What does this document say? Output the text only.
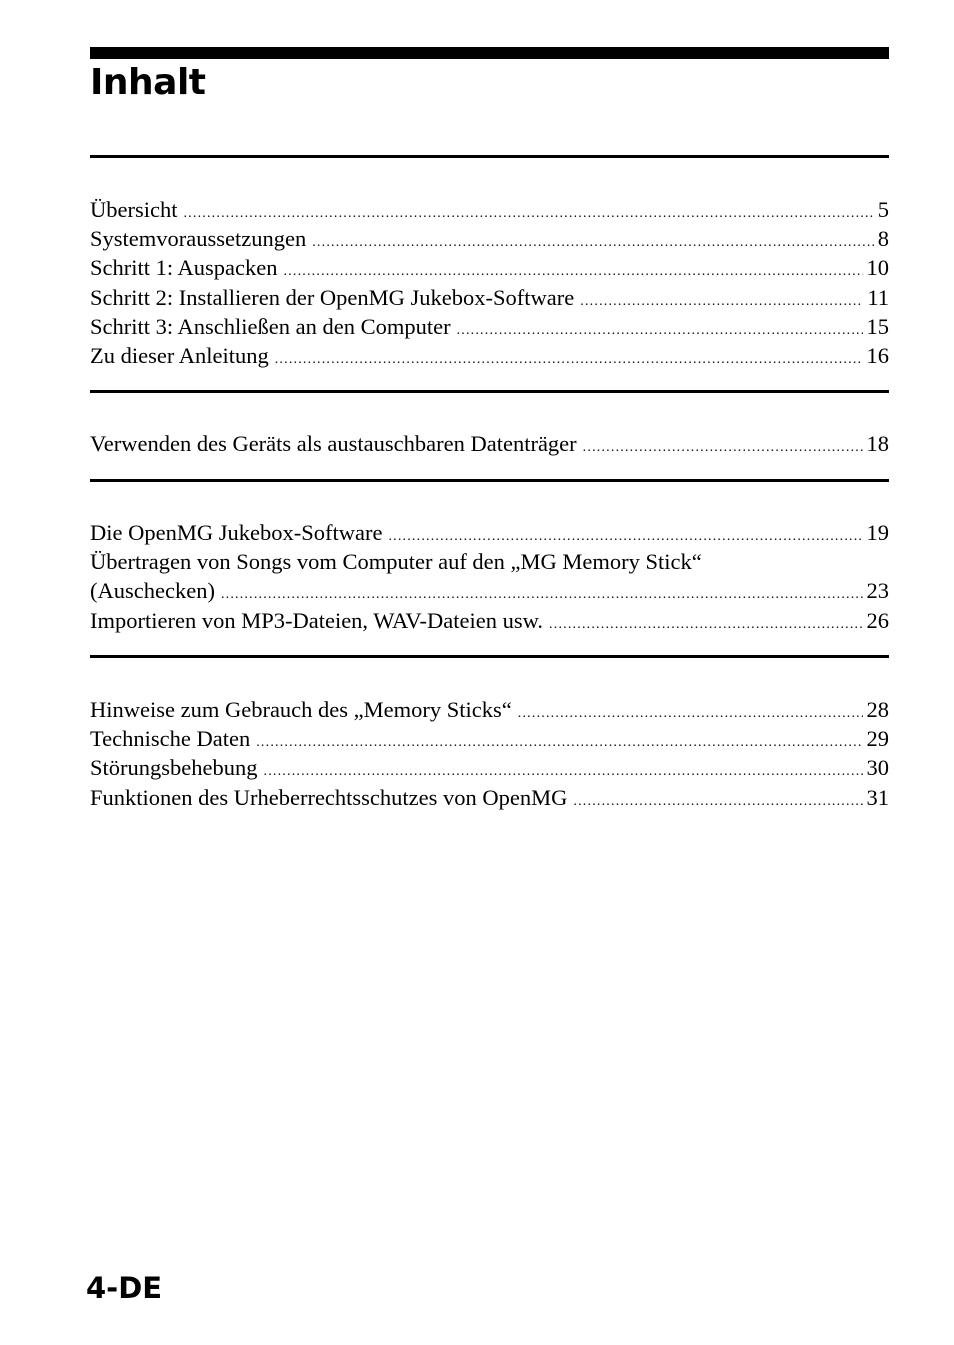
Inhalt
Übersicht .....	5
Systemvoraussetzungen .....	8
Schritt 1: Auspacken .....	10
Schritt 2: Installieren der OpenMG Jukebox-Software .....	11
Schritt 3: Anschließen an den Computer .....	15
Zu dieser Anleitung .....	16
Verwenden des Geräts als austauschbaren Datenträger .....	18
Die OpenMG Jukebox-Software .....	19
Übertragen von Songs vom Computer auf den „MG Memory Stick“
(Auschecken) .....	23
Importieren von MP3-Dateien, WAV-Dateien usw. .....	26
Hinweise zum Gebrauch des „Memory Sticks“ .....	28
Technische Daten .....	29
Störungsbehebung .....	30
Funktionen des Urheberrechtsschutzes von OpenMG .....	31
4-DE
